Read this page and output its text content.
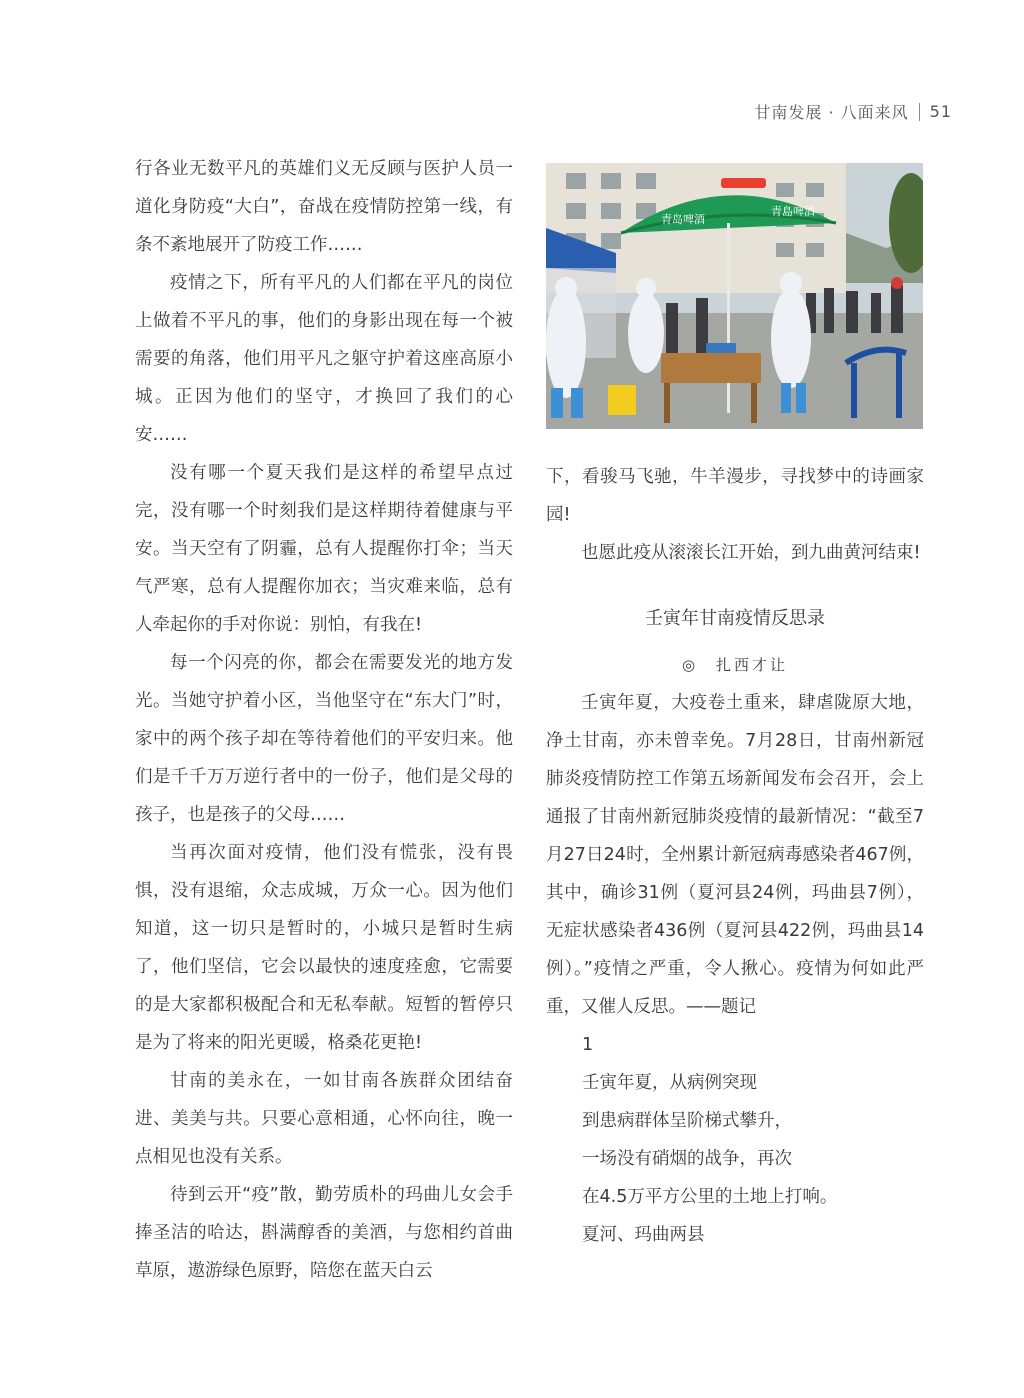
甘南发展 · 八面来风 51

行各业无数平凡的英雄们义无反顾与医护人员一道化身防疫“大白”，奋战在疫情防控第一线，有条不紊地展开了防疫工作……

疫情之下，所有平凡的人们都在平凡的岗位上做着不平凡的事，他们的身影出现在每一个被需要的角落，他们用平凡之躯守护着这座高原小城。正因为他们的坚守，才换回了我们的心安……

没有哪一个夏天我们是这样的希望早点过完，没有哪一个时刻我们是这样期待着健康与平安。当天空有了阴霾，总有人提醒你打伞；当天气严寒，总有人提醒你加衣；当灾难来临，总有人牵起你的手对你说：别怕，有我在!

每一个闪亮的你，都会在需要发光的地方发光。当她守护着小区，当他坚守在“东大门”时，家中的两个孩子却在等待着他们的平安归来。他们是千千万万逆行者中的一份子，他们是父母的孩子，也是孩子的父母……

当再次面对疫情，他们没有慌张，没有畏惧，没有退缩，众志成城，万众一心。因为他们知道，这一切只是暂时的，小城只是暂时生病了，他们坚信，它会以最快的速度痊愈，它需要的是大家都积极配合和无私奉献。短暂的暂停只是为了将来的阳光更暖，格桑花更艳!

甘南的美永在，一如甘南各族群众团结奋进、美美与共。只要心意相通，心怀向往，晚一点相见也没有关系。

待到云开“疫”散，勤劳质朴的玛曲儿女会手捧圣洁的哈达，斟满醇香的美酒，与您相约首曲草原，遨游绿色原野，陪您在蓝天白云

青岛啤酒
青島啤酒

下，看骏马飞驰，牛羊漫步，寻找梦中的诗画家园!

也愿此疫从滚滚长江开始，到九曲黄河结束!

壬寅年甘南疫情反思录

◎　扎西才让

壬寅年夏，大疫卷土重来，肆虐陇原大地，净土甘南，亦未曾幸免。7月28日，甘南州新冠肺炎疫情防控工作第五场新闻发布会召开，会上通报了甘南州新冠肺炎疫情的最新情况：“截至7月27日24时，全州累计新冠病毒感染者467例，其中，确诊31例（夏河县24例，玛曲县7例），无症状感染者436例（夏河县422例，玛曲县14例）。”疫情之严重，令人揪心。疫情为何如此严重，又催人反思。——题记

1

壬寅年夏，从病例突现

到患病群体呈阶梯式攀升，

一场没有硝烟的战争，再次

在4.5万平方公里的土地上打响。

夏河、玛曲两县
